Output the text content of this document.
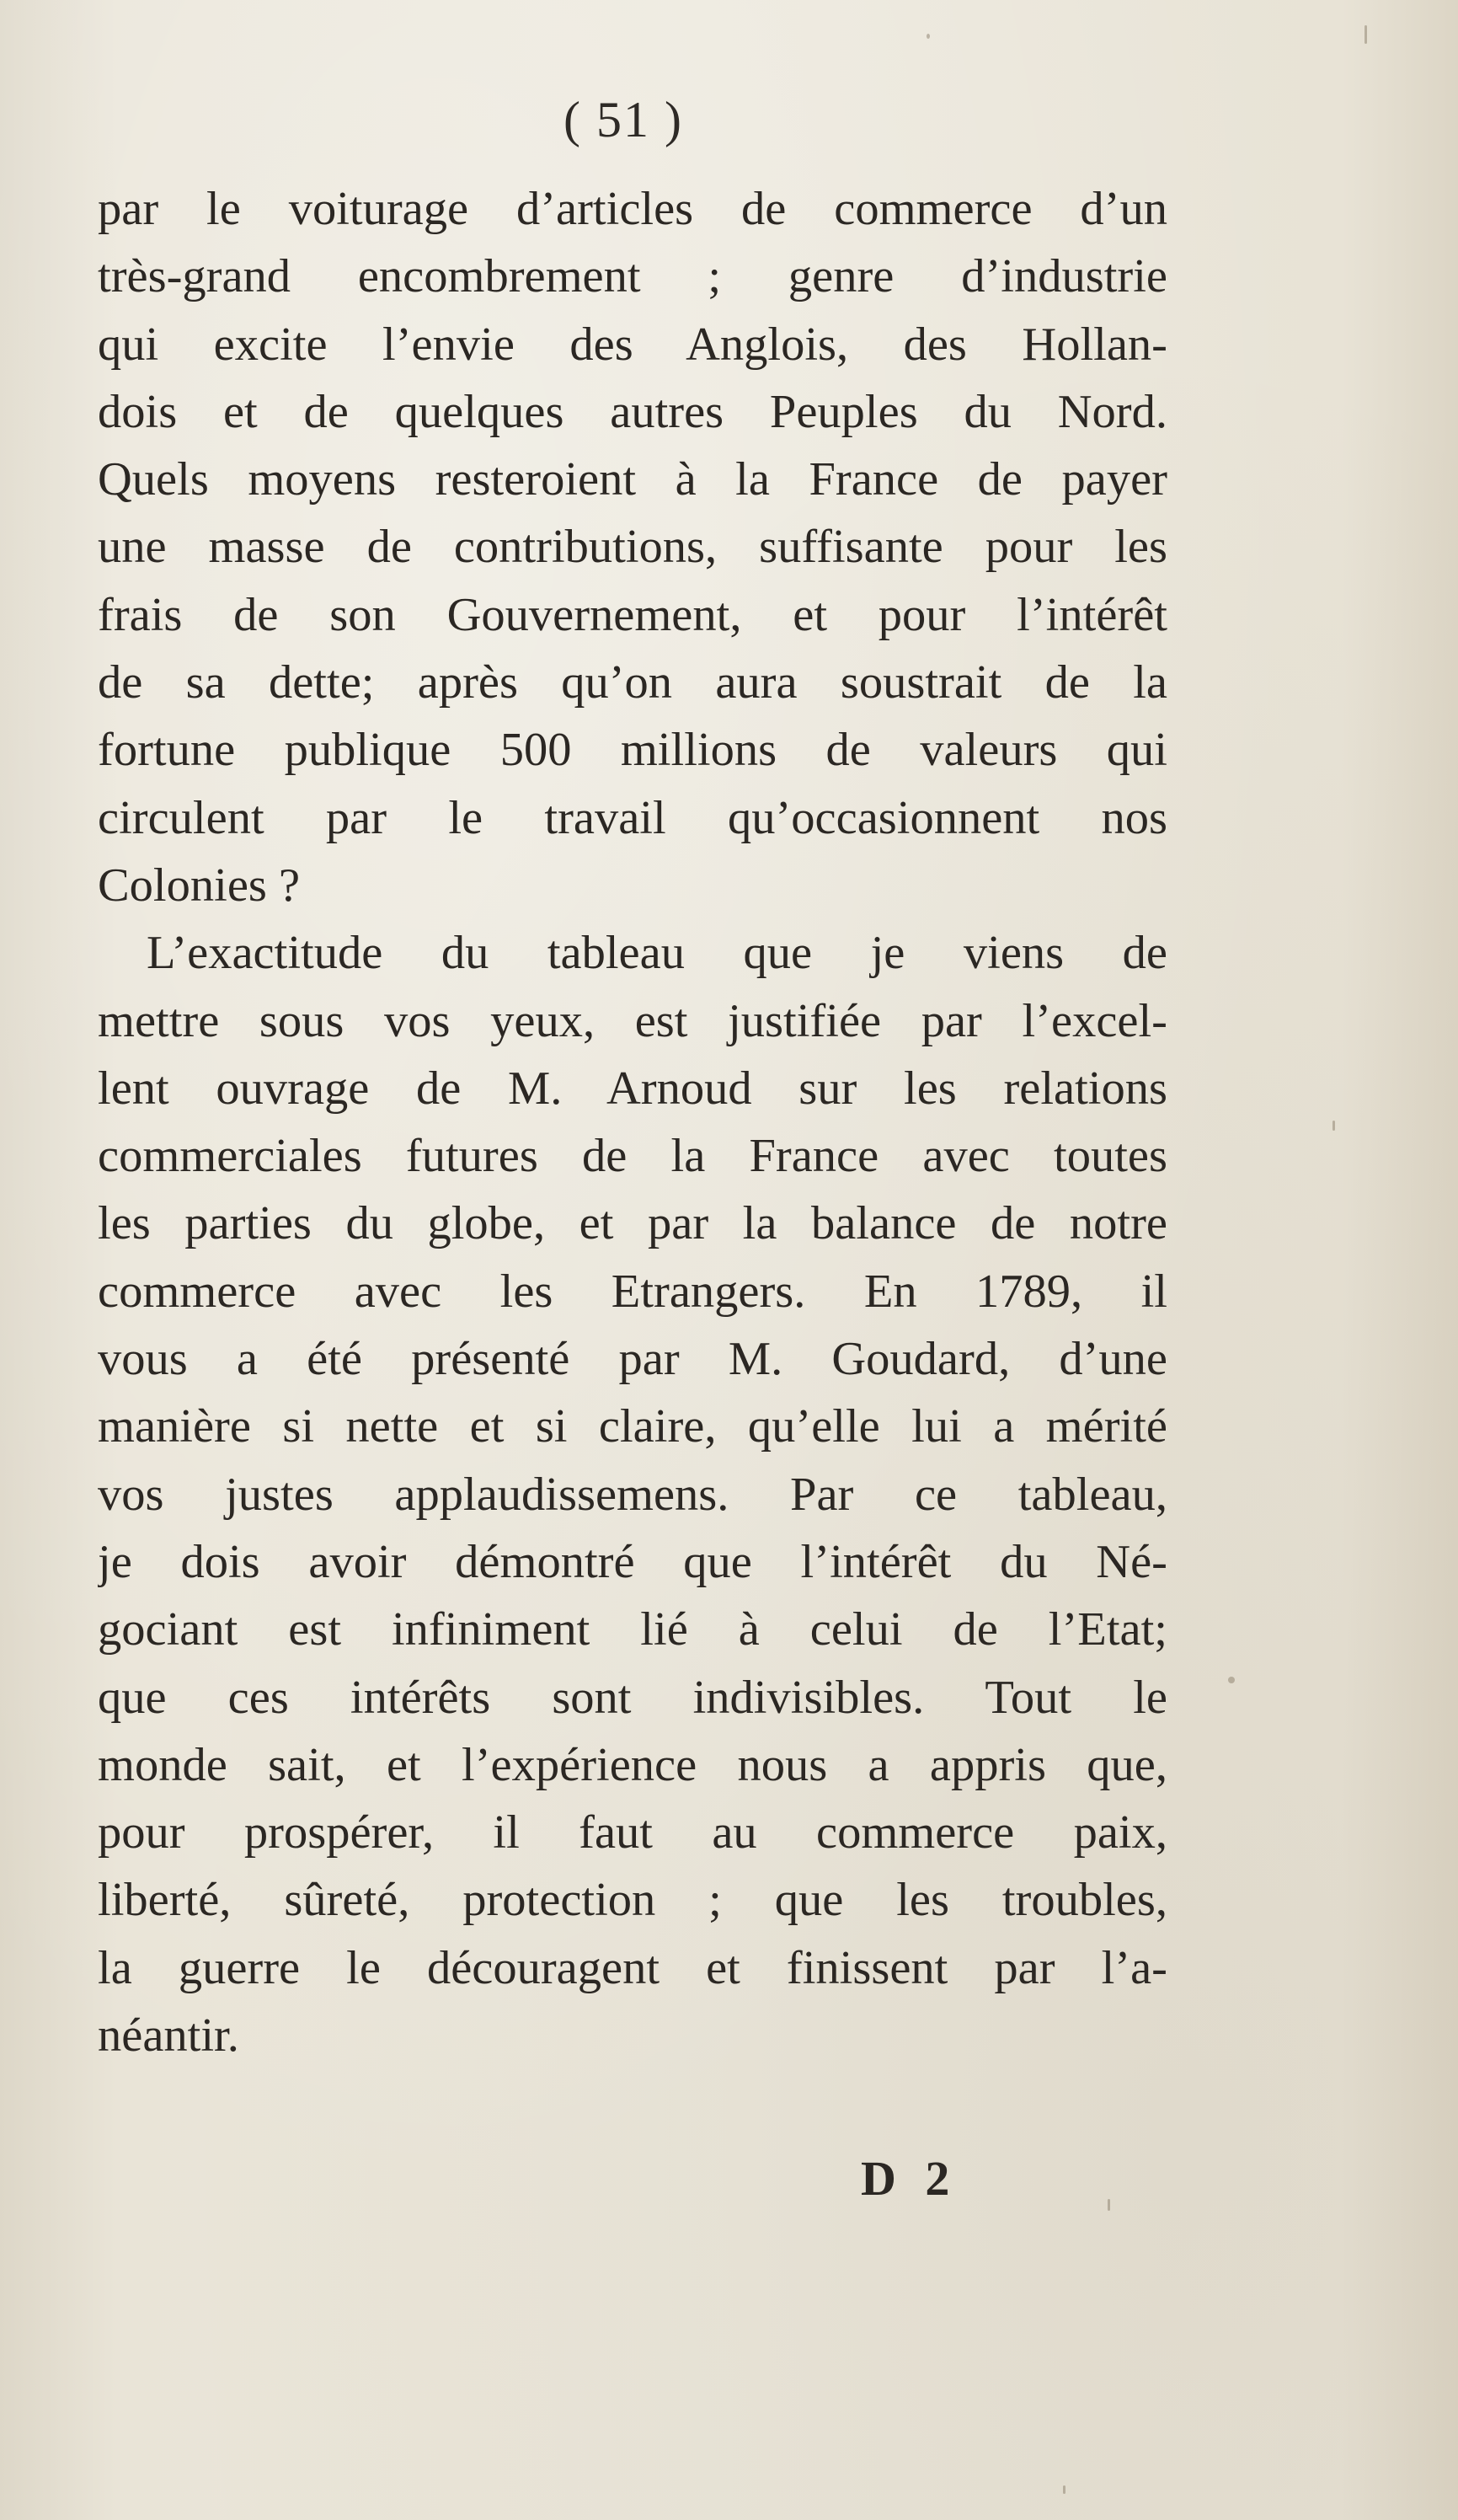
( 51 )
par le voiturage d’articles de commerce d’un
très-grand encombrement ; genre d’industrie
qui excite l’envie des Anglois, des Hollan-
dois et de quelques autres Peuples du Nord.
Quels moyens resteroient à la France de payer
une masse de contributions, suffisante pour les
frais de son Gouvernement, et pour l’intérêt
de sa dette; après qu’on aura soustrait de la
fortune publique 500 millions de valeurs qui
circulent par le travail qu’occasionnent nos
Colonies ?
L’exactitude du tableau que je viens de
mettre sous vos yeux, est justifiée par l’excel-
lent ouvrage de M. Arnoud sur les relations
commerciales futures de la France avec toutes
les parties du globe, et par la balance de notre
commerce avec les Etrangers. En 1789, il
vous a été présenté par M. Goudard, d’une
manière si nette et si claire, qu’elle lui a mérité
vos justes applaudissemens. Par ce tableau,
je dois avoir démontré que l’intérêt du Né-
gociant est infiniment lié à celui de l’Etat;
que ces intérêts sont indivisibles. Tout le
monde sait, et l’expérience nous a appris que,
pour prospérer, il faut au commerce paix,
liberté, sûreté, protection ; que les troubles,
la guerre le découragent et finissent par l’a-
néantir.
D 2
